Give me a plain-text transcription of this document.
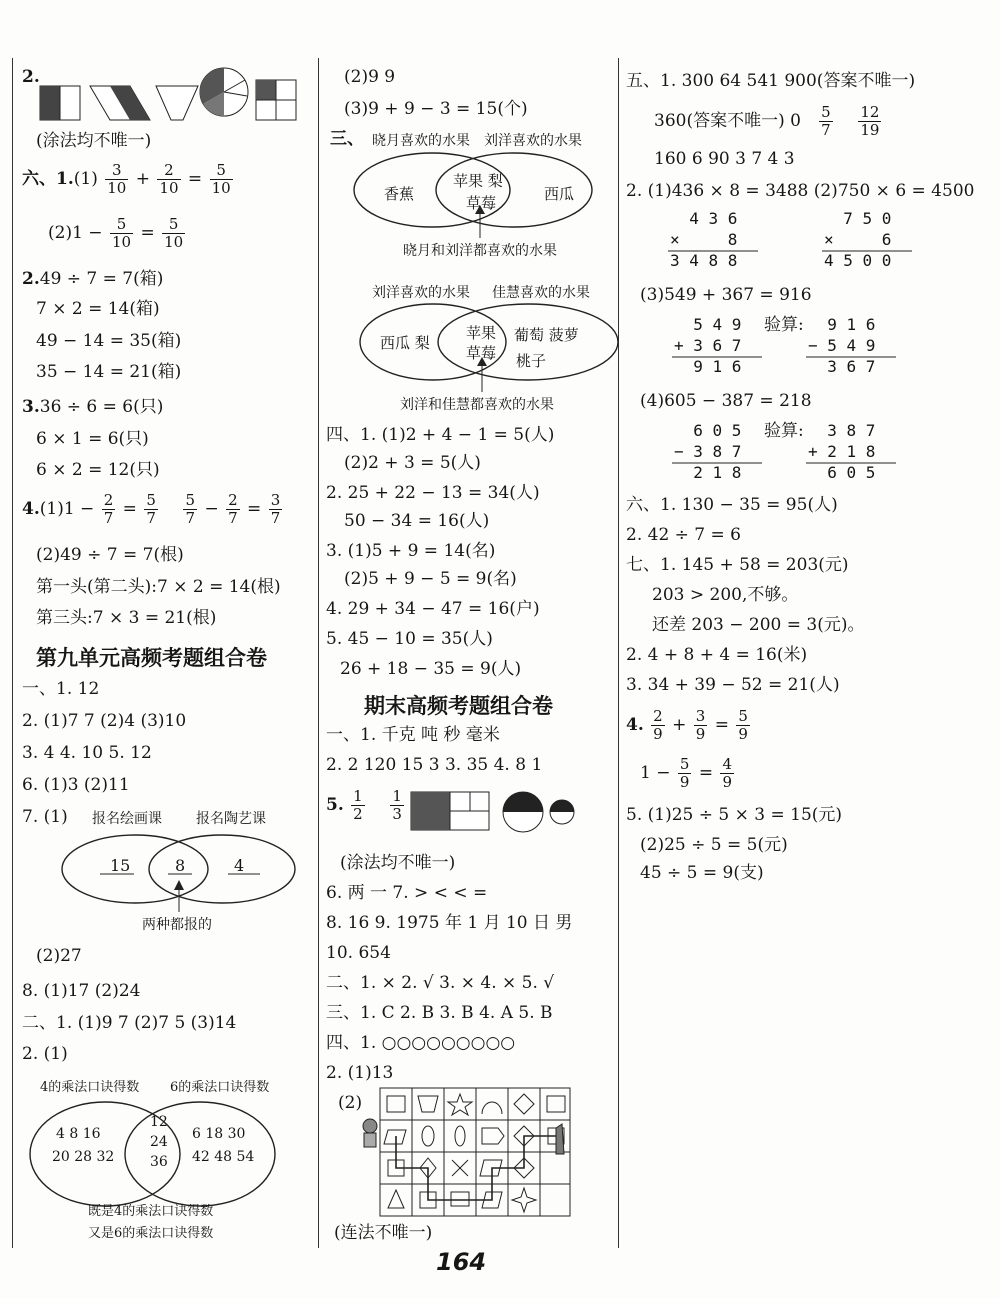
2.
(涂法均不唯一)
六、$1.(1) \frac{3}{10} + \frac{2}{10} = \frac{5}{10}$
$(2)1 - \frac{5}{10} = \frac{5}{10}$
2.49 ÷ 7 = 7(箱)
7 × 2 = 14(箱)
49 − 14 = 35(箱)
35 − 14 = 21(箱)
3.36 ÷ 6 = 6(只)
6 × 1 = 6(只)
6 × 2 = 12(只)
$4.(1)1 - \frac{2}{7} = \frac{5}{7}$
$\frac{5}{7} - \frac{2}{7} = \frac{3}{7}$
(2)49 ÷ 7 = 7(根)
第一头(第二头):7 × 2 = 14(根)
第三头:7 × 3 = 21(根)
第九单元高频考题组合卷
一、1. 12
2. (1)7 7 (2)4 (3)10
3. 4 4. 10 5. 12
6. (1)3 (2)11
7. (1) 报名绘画课 报名陶艺课
15	8	4
两种都报的
(2)27
8. (1)17 (2)24
二、1. (1)9 7 (2)7 5 (3)14
2. (1)
4的乘法口诀得数 6的乘法口诀得数
4 8 16
20 28 32
12
24
36
6 18 30
42 48 54
既是4的乘法口诀得数
又是6的乘法口诀得数
(2)9 9
(3)9 + 9 − 3 = 15(个)
三、 晓月喜欢的水果 刘洋喜欢的水果
香蕉
苹果 梨
草莓	西瓜
晓月和刘洋都喜欢的水果
刘洋喜欢的水果 佳慧喜欢的水果
西瓜 梨
苹果
草莓
葡萄 菠萝
桃子
刘洋和佳慧都喜欢的水果
四、1. (1)2 + 4 − 1 = 5(人)
(2)2 + 3 = 5(人)
2. 25 + 22 − 13 = 34(人)
50 − 34 = 16(人)
3. (1)5 + 9 = 14(名)
(2)5 + 9 − 5 = 9(名)
4. 29 + 34 − 47 = 16(户)
5. 45 − 10 = 35(人)
26 + 18 − 35 = 9(人)
期末高频考题组合卷
一、1. 千克 吨 秒 毫米
2. 2 120 15 3 3. 35 4. 8 1
5. $\frac{1}{2}$
$\frac{1}{3}$
(涂法均不唯一)
6. 两 一 7. > < < =
8. 16 9. 1975 年 1 月 10 日 男
10. 654
二、1. × 2. √ 3. × 4. × 5. √
三、1. C 2. B 3. B 4. A 5. B
四、1. ○○○○○○○○○
2. (1)13
(2)
(连法不唯一)
五、1. 300 64 541 900(答案不唯一)
360(答案不唯一) $0 \frac{5}{7}$
$\frac{12}{19}$
160 6 90 3 7 4 3
2. (1)436 × 8 = 3488 (2)750 × 6 = 4500
4 3 6
×     8
3 4 8 8
7 5 0
×     6
4 5 0 0
(3)549 + 367 = 916
5 4 9
+ 3 6 7
9 1 6
验算:	9 1 6
− 5 4 9
3 6 7
(4)605 − 387 = 218
6 0 5
− 3 8 7
2 1 8
验算:	3 8 7
+ 2 1 8
6 0 5
六、1. 130 − 35 = 95(人)
2. 42 ÷ 7 = 6
七、1. 145 + 58 = 203(元)
203 > 200,不够。
还差 203 − 200 = 3(元)。
2. 4 + 8 + 4 = 16(米)
3. 34 + 39 − 52 = 21(人)
4. $\frac{2}{9} + \frac{3}{9} = \frac{5}{9}$
$1 - \frac{5}{9} = \frac{4}{9}$
5. (1)25 ÷ 5 × 3 = 15(元)
(2)25 ÷ 5 = 5(元)
45 ÷ 5 = 9(支)
164
